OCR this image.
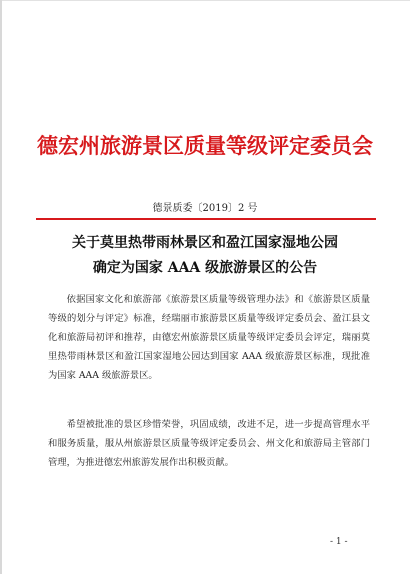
德宏州旅游景区质量等级评定委员会
德景质委〔2019〕2 号
关于莫里热带雨林景区和盈江国家湿地公园
确定为国家 AAA 级旅游景区的公告
依据国家文化和旅游部《旅游景区质量等级管理办法》和《旅游景区质量等级的划分与评定》标准，经瑞丽市旅游景区质量等级评定委员会、盈江县文化和旅游局初评和推荐，由德宏州旅游景区质量等级评定委员会评定，瑞丽莫里热带雨林景区和盈江国家湿地公园达到国家 AAA 级旅游景区标准，现批准为国家 AAA 级旅游景区。
希望被批准的景区珍惜荣誉，巩固成绩，改进不足，进一步提高管理水平和服务质量，服从州旅游景区质量等级评定委员会、州文化和旅游局主管部门管理，为推进德宏州旅游发展作出积极贡献。
- 1 -
